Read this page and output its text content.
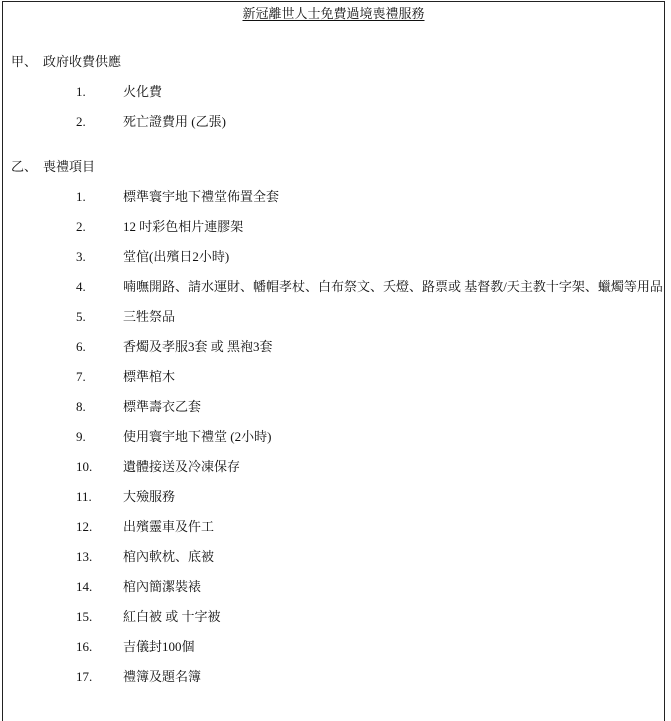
新冠離世人士免費過境喪禮服務
甲、 政府收費供應
1.	火化費
2.	死亡證費用 (乙張)
乙、 喪禮項目
1.	標準寰宇地下禮堂佈置全套
2.	12 吋彩色相片連膠架
3.	堂倌(出殯日2小時)
4.	喃嘸開路、請水運財、幡帽孝杖、白布祭文、夭燈、路票或 基督教/天主教十字架、蠟燭等用品
5.	三牲祭品
6.	香燭及孝服3套 或 黑袍3套
7.	標準棺木
8.	標準壽衣乙套
9.	使用寰宇地下禮堂 (2小時)
10. 遺體接送及冷凍保存
11. 大殮服務
12. 出殯靈車及仵工
13. 棺內軟枕、底被
14. 棺內簡潔裝裱
15. 紅白被 或 十字被
16. 吉儀封100個
17. 禮簿及題名簿
